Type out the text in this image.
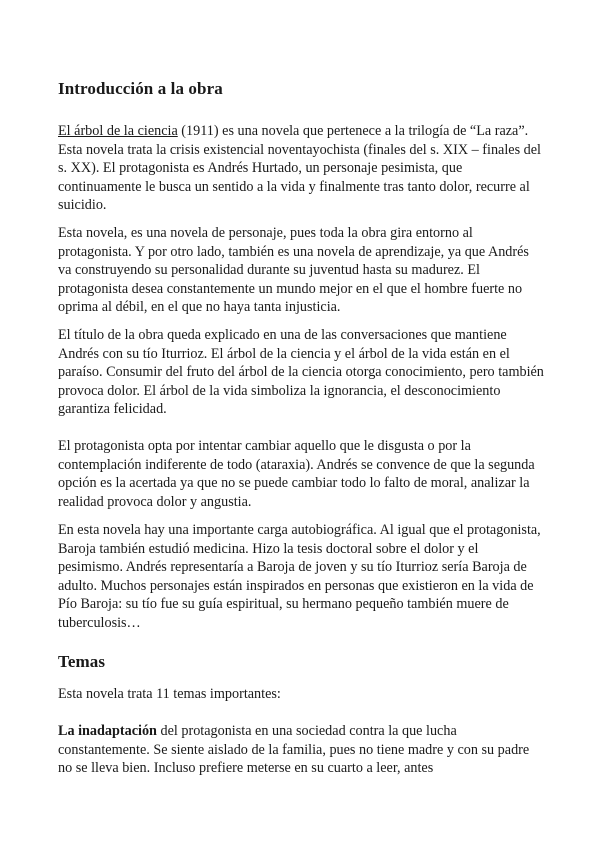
Introducción a la obra

El árbol de la ciencia (1911) es una novela que pertenece a la trilogía de “La raza”. Esta novela trata la crisis existencial noventayochista (finales del s. XIX – finales del s. XX). El protagonista es Andrés Hurtado, un personaje pesimista, que continuamente le busca un sentido a la vida y finalmente tras tanto dolor, recurre al suicidio.

Esta novela, es una novela de personaje, pues toda la obra gira entorno al protagonista. Y por otro lado, también es una novela de aprendizaje, ya que Andrés va construyendo su personalidad durante su juventud hasta su madurez. El protagonista desea constantemente un mundo mejor en el que el hombre fuerte no oprima al débil, en el que no haya tanta injusticia.

El título de la obra queda explicado en una de las conversaciones que mantiene Andrés con su tío Iturrioz. El árbol de la ciencia y el árbol de la vida están en el paraíso. Consumir del fruto del árbol de la ciencia otorga conocimiento, pero también provoca dolor. El árbol de la vida simboliza la ignorancia, el desconocimiento garantiza felicidad.

El protagonista opta por intentar cambiar aquello que le disgusta o por la contemplación indiferente de todo (ataraxia). Andrés se convence de que la segunda opción es la acertada ya que no se puede cambiar todo lo falto de moral, analizar la realidad provoca dolor y angustia.

En esta novela hay una importante carga autobiográfica. Al igual que el protagonista, Baroja también estudió medicina. Hizo la tesis doctoral sobre el dolor y el pesimismo. Andrés representaría a Baroja de joven y su tío Iturrioz sería Baroja de adulto. Muchos personajes están inspirados en personas que existieron en la vida de Pío Baroja: su tío fue su guía espiritual, su hermano pequeño también muere de tuberculosis…

Temas

Esta novela trata 11 temas importantes:

La inadaptación del protagonista en una sociedad contra la que lucha constantemente. Se siente aislado de la familia, pues no tiene madre y con su padre no se lleva bien. Incluso prefiere meterse en su cuarto a leer, antes
